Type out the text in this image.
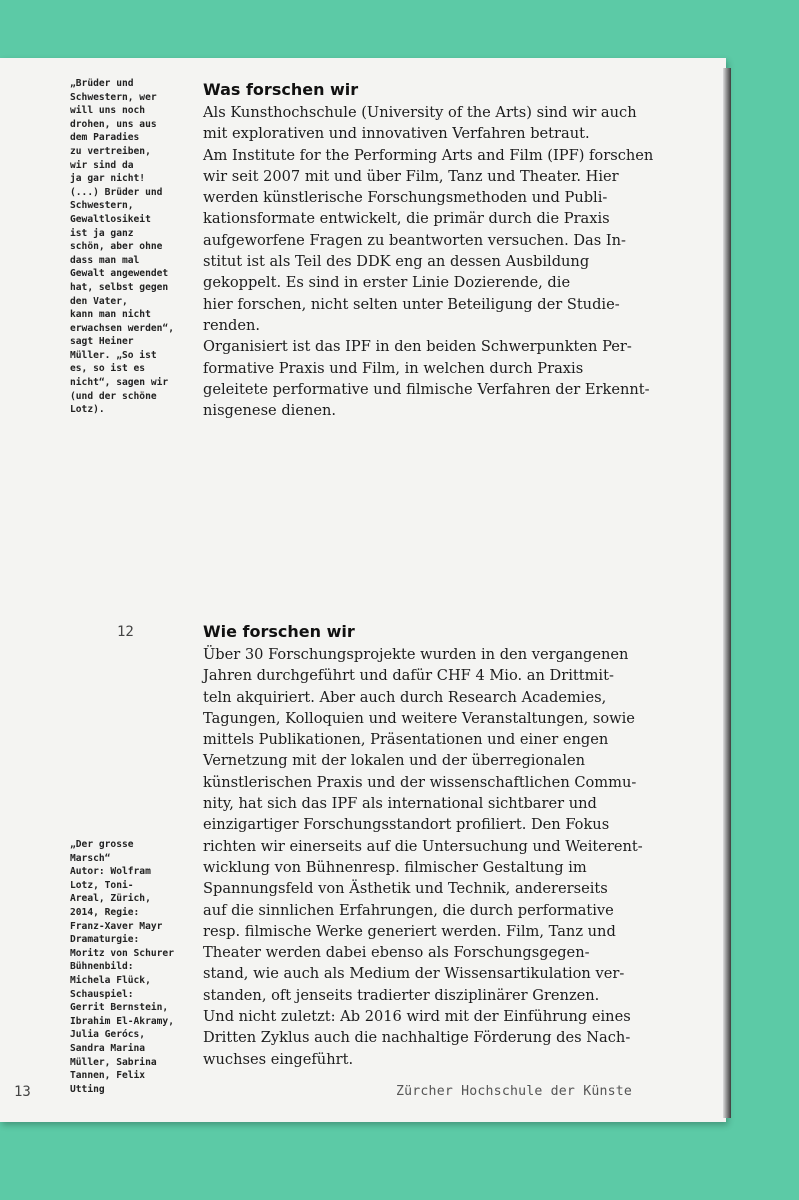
„Brüder und
Schwestern, wer
will uns noch
drohen, uns aus
dem Paradies
zu vertreiben,
wir sind da
ja gar nicht!
(...) Brüder und
Schwestern,
Gewaltlosikeit
ist ja ganz
schön, aber ohne
dass man mal
Gewalt angewendet
hat, selbst gegen
den Vater,
kann man nicht
erwachsen werden“,
sagt Heiner
Müller. „So ist
es, so ist es
nicht“, sagen wir
(und der schöne
Lotz).
„Der grosse
Marsch“
Autor: Wolfram
Lotz, Toni-
Areal, Zürich,
2014, Regie:
Franz-Xaver Mayr
Dramaturgie:
Moritz von Schurer
Bühnenbild:
Michela Flück,
Schauspiel:
Gerrit Bernstein,
Ibrahim El-Akramy,
Julia Gerócs,
Sandra Marina
Müller, Sabrina
Tannen, Felix
Utting
Was forschen wir
Als Kunsthochschule (University of the Arts) sind wir auch
mit explorativen und innovativen Verfahren betraut.
Am Institute for the Performing Arts and Film (IPF) forschen
wir seit 2007 mit und über Film, Tanz und Theater. Hier
werden künstlerische Forschungsmethoden und Publi-
kationsformate entwickelt, die primär durch die Praxis
aufgeworfene Fragen zu beantworten versuchen. Das In-
stitut ist als Teil des DDK eng an dessen Ausbildung
gekoppelt. Es sind in erster Linie Dozierende, die
hier forschen, nicht selten unter Beteiligung der Studie-
renden.
Organisiert ist das IPF in den beiden Schwerpunkten Per-
formative Praxis und Film, in welchen durch Praxis
geleitete performative und filmische Verfahren der Erkennt-
nisgenese dienen.
12	Wie forschen wir
Über 30 Forschungsprojekte wurden in den vergangenen
Jahren durchgeführt und dafür CHF 4 Mio. an Drittmit-
teln akquiriert. Aber auch durch Research Academies,
Tagungen, Kolloquien und weitere Veranstaltungen, sowie
mittels Publikationen, Präsentationen und einer engen
Vernetzung mit der lokalen und der überregionalen
künstlerischen Praxis und der wissenschaftlichen Commu-
nity, hat sich das IPF als international sichtbarer und
einzigartiger Forschungsstandort profiliert. Den Fokus
richten wir einerseits auf die Untersuchung und Weiterent-
wicklung von Bühnenresp. filmischer Gestaltung im
Spannungsfeld von Ästhetik und Technik, andererseits
auf die sinnlichen Erfahrungen, die durch performative
resp. filmische Werke generiert werden. Film, Tanz und
Theater werden dabei ebenso als Forschungsgegen-
stand, wie auch als Medium der Wissensartikulation ver-
standen, oft jenseits tradierter disziplinärer Grenzen.
Und nicht zuletzt: Ab 2016 wird mit der Einführung eines
Dritten Zyklus auch die nachhaltige Förderung des Nach-
wuchses eingeführt.
13	Zürcher Hochschule der Künste
